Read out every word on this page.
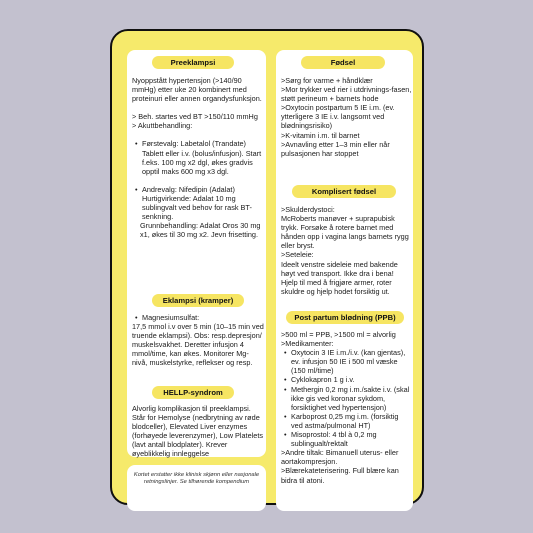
Preeklampsi

Nyoppstått hypertensjon (>140/90 mmHg) etter uke 20 kombinert med proteinuri eller annen organdysfunksjon.

> Beh. startes ved BT >150/110 mmHg

> Akuttbehandling:

• Førstevalg: Labetalol (Trandate) Tablett eller i.v. (bolus/infusjon). Start f.eks. 100 mg x2 dgl, økes gradvis opptil maks 600 mg x3 dgl.

• Andrevalg: Nifedipin (Adalat) Hurtigvirkende: Adalat 10 mg sublingvalt ved behov for rask BT-senkning.

Grunnbehandling: Adalat Oros 30 mg x1, økes til 30 mg x2. Jevn frisetting.

Eklampsi (kramper)

• Magnesiumsulfat:

17,5 mmol i.v over 5 min (10–15 min ved truende eklampsi). Obs: resp.depresjon/ muskelsvakhet. Deretter infusjon 4 mmol/time, kan økes. Monitorer Mg-nivå, muskelstyrke, reflekser og resp.

HELLP-syndrom

Alvorlig komplikasjon til preeklampsi. Står for Hemolyse (nedbrytning av røde blodceller), Elevated Liver enzymes (forhøyede leverenzymer), Low Platelets (lavt antall blodplater). Krever øyeblikkelig innleggelse

Kortet erstatter ikke klinisk skjønn eller nasjonale retningslinjer. Se tilhørende kompendium
Fødsel

>Sørg for varme + håndklær

>Mor trykker ved rier i utdrivnings-fasen, støtt perineum + barnets hode

>Oxytocin postpartum 5 IE i.m. (ev. ytterligere 3 IE i.v. langsomt ved blødningsrisiko)

>K-vitamin i.m. til barnet

>Avnavling etter 1–3 min eller når pulsasjonen har stoppet

Komplisert fødsel

>Skulderdystoci:

McRoberts manøver + suprapubisk trykk. Forsøke å rotere barnet med hånden opp i vagina langs barnets rygg eller bryst.

>Seteleie:

Ideelt venstre sideleie med bakende høyt ved transport. Ikke dra i bena! Hjelp til med å frigjøre armer, roter skuldre og hjelp hodet forsiktig ut.

Post partum blødning (PPB)

>500 ml = PPB, >1500 ml = alvorlig

>Medikamenter:

• Oxytocin 3 IE i.m./i.v. (kan gjentas), ev. infusjon 50 IE i 500 ml væske (150 ml/time)

• Cyklokapron 1 g i.v.

• Methergin 0,2 mg i.m./sakte i.v. (skal ikke gis ved koronar sykdom, forsiktighet ved hypertensjon)

• Karboprost 0,25 mg i.m. (forsiktig ved astma/pulmonal HT)

• Misoprostol: 4 tbl à 0,2 mg sublingualt/rektalt

>Andre tiltak: Bimanuell uterus- eller aortakompresjon.

>Blærekateterisering. Full blære kan bidra til atoni.
